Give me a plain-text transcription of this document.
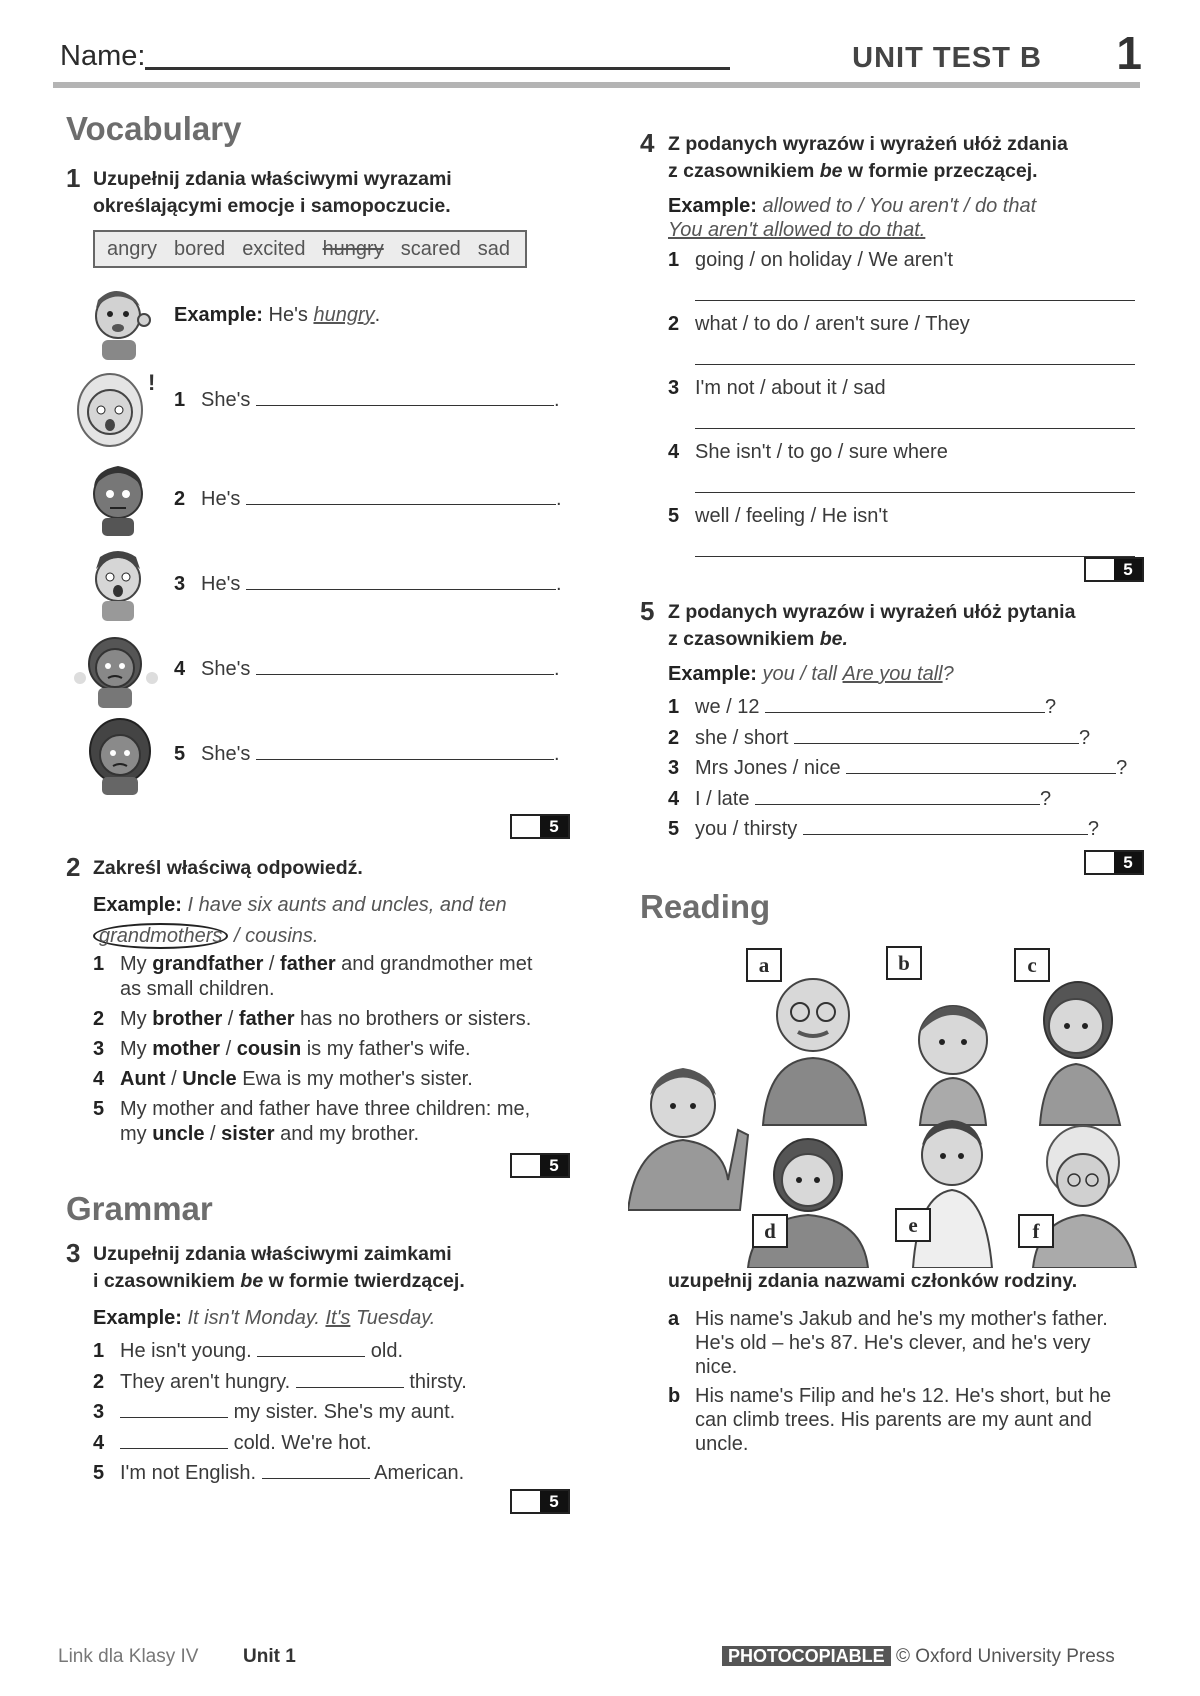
Name:	UNIT TEST B 1
Vocabulary
1 Uzupełnij zdania właściwymi wyrazami
określającymi emocje i samopoczucie.
angry bored excited hungry scared sad
!
Example: He's hungry.
1 She's	.
2 He's	.
3 He's	.
4 She's	.
5 She's	.
5
2 Zakreśl właściwą odpowiedź.
Example: I have six aunts and uncles, and ten
grandmothers / cousins.
1 My grandfather / father and grandmother met
as small children.
2 My brother / father has no brothers or sisters.
3 My mother / cousin is my father's wife.
4 Aunt / Uncle Ewa is my mother's sister.
5 My mother and father have three children: me,
my uncle / sister and my brother.
5
Grammar
3 Uzupełnij zdania właściwymi zaimkami
i czasownikiem be w formie twierdzącej.
Example: It isn't Monday. It's Tuesday.
1 He isn't young.	old.
2 They aren't hungry.	thirsty.
3	my sister. She's my aunt.
4	cold. We're hot.
5 I'm not English.	American.
5
4 Z podanych wyrazów i wyrażeń ułóż zdania
z czasownikiem be w formie przeczącej.
Example: allowed to / You aren't / do that
You aren't allowed to do that.
1 going / on holiday / We aren't
2 what / to do / aren't sure / They
3 I'm not / about it / sad
4 She isn't / to go / sure where
5 well / feeling / He isn't
5
5 Z podanych wyrazów i wyrażeń ułóż pytania
z czasownikiem be.
Example: you / tall Are you tall?
1 we / 12	?
2 she / short	?
3 Mrs Jones / nice	?
4 I / late	?
5 you / thirsty	?
5
Reading
a	b	c
d	e	f
uzupełnij zdania nazwami członków rodziny.
a His name's Jakub and he's my mother's father.
He's old – he's 87. He's clever, and he's very
nice.
b His name's Filip and he's 12. He's short, but he
can climb trees. His parents are my aunt and
uncle.
Link dla Klasy IV Unit 1	PHOTOCOPIABLE © Oxford University Press
